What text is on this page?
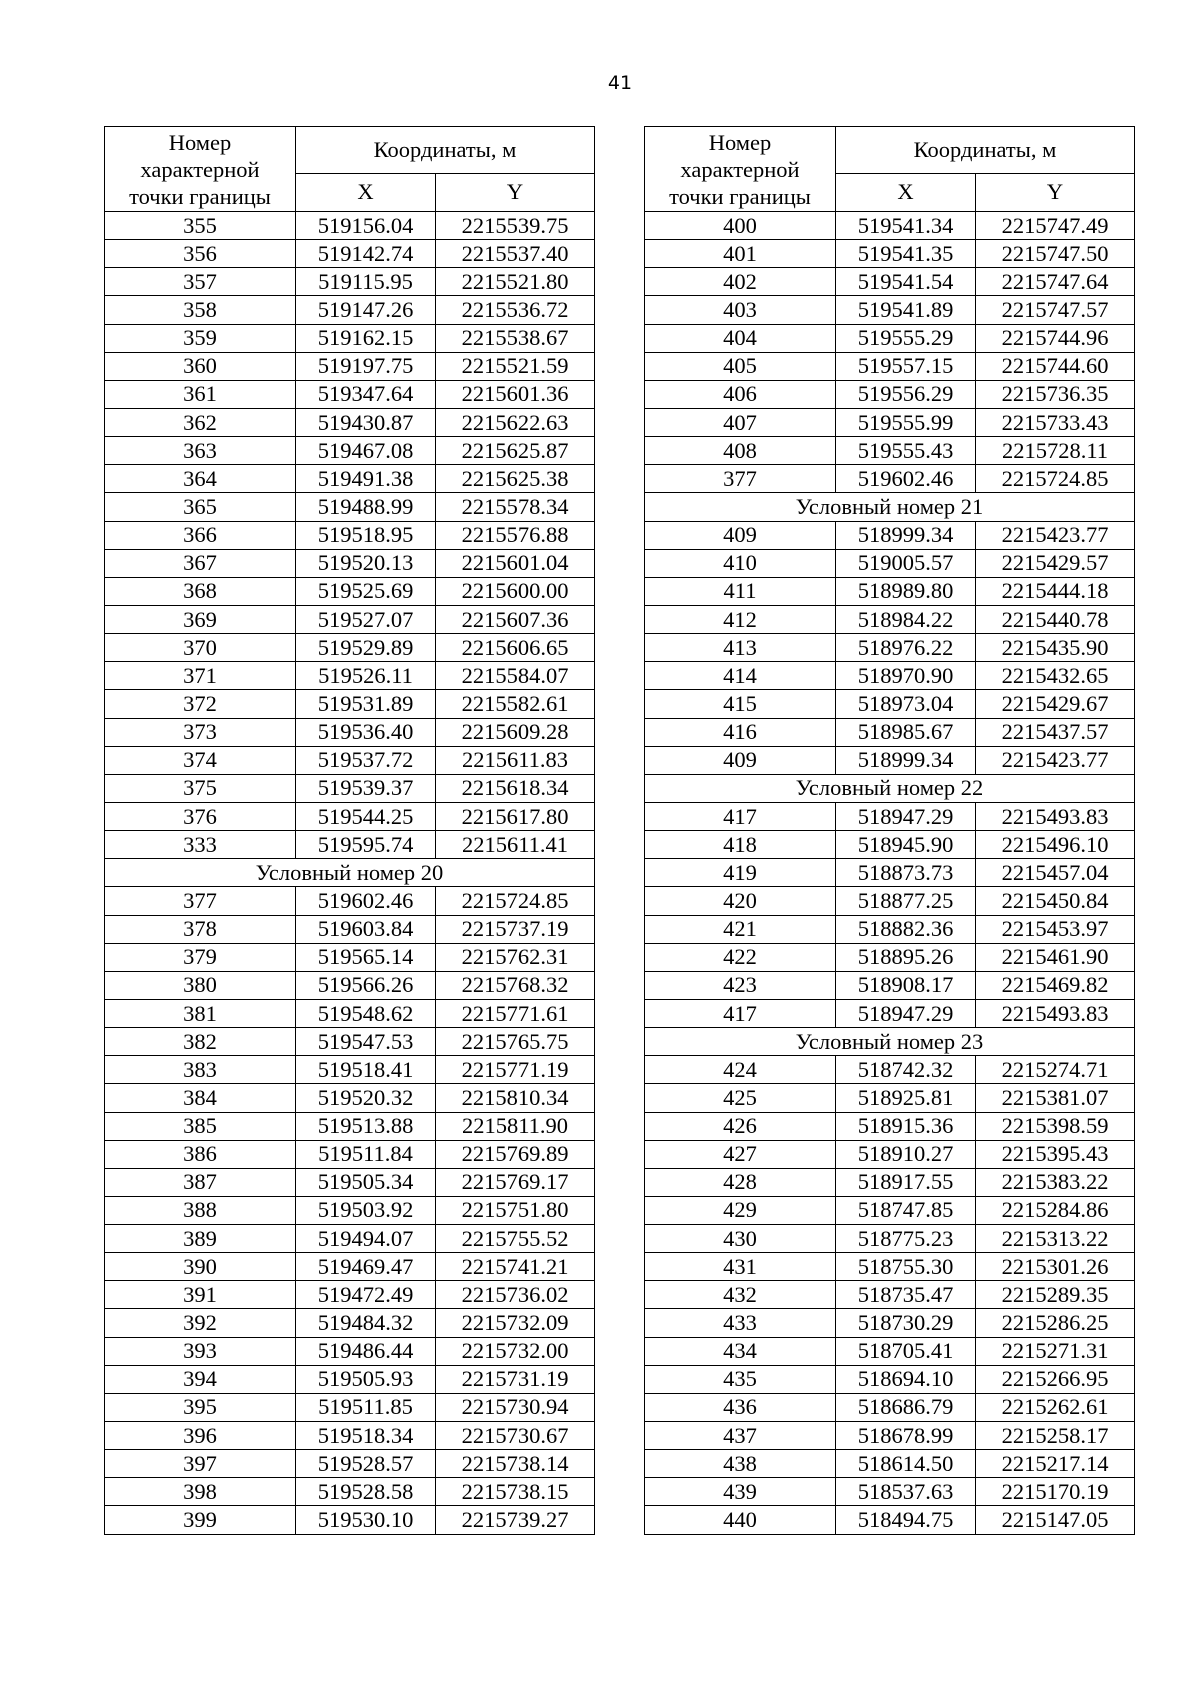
41
Номер
характерной
точки границы	Координаты, м	
	X	Y
355	519156.04	2215539.75
356	519142.74	2215537.40
357	519115.95	2215521.80
358	519147.26	2215536.72
359	519162.15	2215538.67
360	519197.75	2215521.59
361	519347.64	2215601.36
362	519430.87	2215622.63
363	519467.08	2215625.87
364	519491.38	2215625.38
365	519488.99	2215578.34
366	519518.95	2215576.88
367	519520.13	2215601.04
368	519525.69	2215600.00
369	519527.07	2215607.36
370	519529.89	2215606.65
371	519526.11	2215584.07
372	519531.89	2215582.61
373	519536.40	2215609.28
374	519537.72	2215611.83
375	519539.37	2215618.34
376	519544.25	2215617.80
333	519595.74	2215611.41
Условный номер 20		
377	519602.46	2215724.85
378	519603.84	2215737.19
379	519565.14	2215762.31
380	519566.26	2215768.32
381	519548.62	2215771.61
382	519547.53	2215765.75
383	519518.41	2215771.19
384	519520.32	2215810.34
385	519513.88	2215811.90
386	519511.84	2215769.89
387	519505.34	2215769.17
388	519503.92	2215751.80
389	519494.07	2215755.52
390	519469.47	2215741.21
391	519472.49	2215736.02
392	519484.32	2215732.09
393	519486.44	2215732.00
394	519505.93	2215731.19
395	519511.85	2215730.94
396	519518.34	2215730.67
397	519528.57	2215738.14
398	519528.58	2215738.15
399	519530.10	2215739.27
Номер
характерной
точки границы	Координаты, м	
	X	Y
400	519541.34	2215747.49
401	519541.35	2215747.50
402	519541.54	2215747.64
403	519541.89	2215747.57
404	519555.29	2215744.96
405	519557.15	2215744.60
406	519556.29	2215736.35
407	519555.99	2215733.43
408	519555.43	2215728.11
377	519602.46	2215724.85
Условный номер 21		
409	518999.34	2215423.77
410	519005.57	2215429.57
411	518989.80	2215444.18
412	518984.22	2215440.78
413	518976.22	2215435.90
414	518970.90	2215432.65
415	518973.04	2215429.67
416	518985.67	2215437.57
409	518999.34	2215423.77
Условный номер 22		
417	518947.29	2215493.83
418	518945.90	2215496.10
419	518873.73	2215457.04
420	518877.25	2215450.84
421	518882.36	2215453.97
422	518895.26	2215461.90
423	518908.17	2215469.82
417	518947.29	2215493.83
Условный номер 23		
424	518742.32	2215274.71
425	518925.81	2215381.07
426	518915.36	2215398.59
427	518910.27	2215395.43
428	518917.55	2215383.22
429	518747.85	2215284.86
430	518775.23	2215313.22
431	518755.30	2215301.26
432	518735.47	2215289.35
433	518730.29	2215286.25
434	518705.41	2215271.31
435	518694.10	2215266.95
436	518686.79	2215262.61
437	518678.99	2215258.17
438	518614.50	2215217.14
439	518537.63	2215170.19
440	518494.75	2215147.05
